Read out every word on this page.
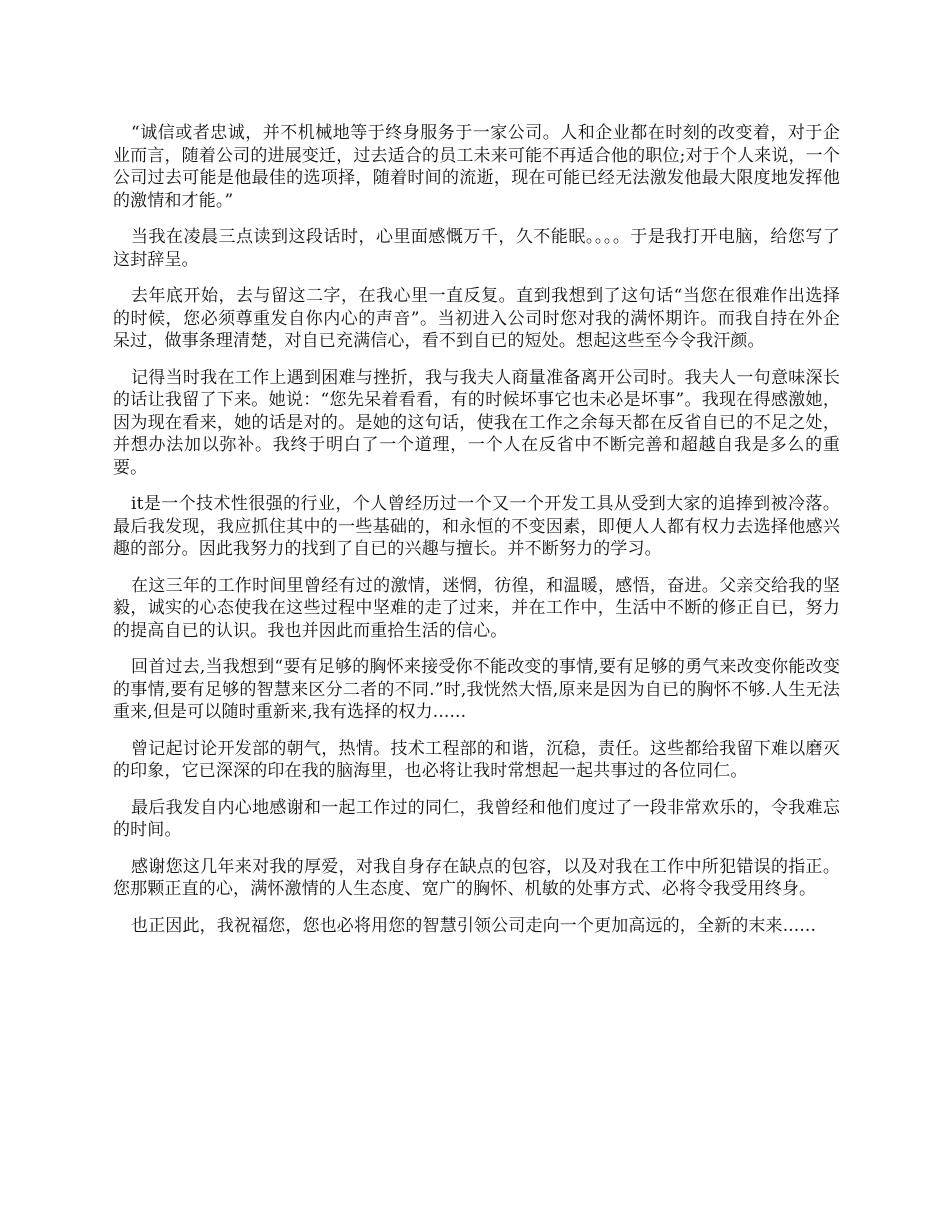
“诚信或者忠诚，并不机械地等于终身服务于一家公司。人和企业都在时刻的改变着，对于企业而言，随着公司的进展变迁，过去适合的员工未来可能不再适合他的职位;对于个人来说，一个公司过去可能是他最佳的选项择，随着时间的流逝，现在可能已经无法激发他最大限度地发挥他的激情和才能。”

当我在凌晨三点读到这段话时，心里面感慨万千，久不能眠。。。。于是我打开电脑，给您写了这封辞呈。

去年底开始，去与留这二字，在我心里一直反复。直到我想到了这句话“当您在很难作出选择的时候，您必须尊重发自你内心的声音”。当初进入公司时您对我的满怀期许。而我自持在外企呆过，做事条理清楚，对自已充满信心，看不到自已的短处。想起这些至今令我汗颜。

记得当时我在工作上遇到困难与挫折，我与我夫人商量准备离开公司时。我夫人一句意味深长的话让我留了下来。她说：“您先呆着看看，有的时候坏事它也未必是坏事”。我现在得感激她，因为现在看来，她的话是对的。是她的这句话，使我在工作之余每天都在反省自已的不足之处，并想办法加以弥补。我终于明白了一个道理，一个人在反省中不断完善和超越自我是多么的重要。

it是一个技术性很强的行业，个人曾经历过一个又一个开发工具从受到大家的追捧到被冷落。最后我发现，我应抓住其中的一些基础的，和永恒的不变因素，即便人人都有权力去选择他感兴趣的部分。因此我努力的找到了自已的兴趣与擅长。并不断努力的学习。

在这三年的工作时间里曾经有过的激情，迷惘，彷徨，和温暖，感悟，奋进。父亲交给我的坚毅，诚实的心态使我在这些过程中坚难的走了过来，并在工作中，生活中不断的修正自已，努力的提高自已的认识。我也并因此而重拾生活的信心。

回首过去,当我想到“要有足够的胸怀来接受你不能改变的事情,要有足够的勇气来改变你能改变的事情,要有足够的智慧来区分二者的不同.”时,我恍然大悟,原来是因为自已的胸怀不够.人生无法重来,但是可以随时重新来,我有选择的权力......

曾记起讨论开发部的朝气，热情。技术工程部的和谐，沉稳，责任。这些都给我留下难以磨灭的印象，它已深深的印在我的脑海里，也必将让我时常想起一起共事过的各位同仁。

最后我发自内心地感谢和一起工作过的同仁，我曾经和他们度过了一段非常欢乐的，令我难忘的时间。

感谢您这几年来对我的厚爱，对我自身存在缺点的包容，以及对我在工作中所犯错误的指正。您那颗正直的心，满怀激情的人生态度、宽广的胸怀、机敏的处事方式、必将令我受用终身。

也正因此，我祝福您，您也必将用您的智慧引领公司走向一个更加高远的，全新的末来......
